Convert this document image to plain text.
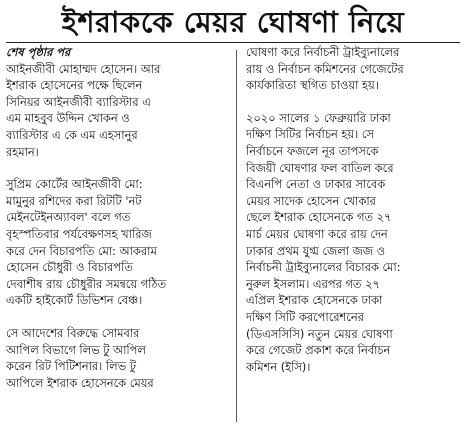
ইশরাককে মেয়র ঘোষণা নিয়ে
শেষ পৃষ্ঠার পর

আইনজীবী মোহাম্মদ হোসেন। আর
ইশরাক হোসেনের পক্ষে ছিলেন
সিনিয়র আইনজীবী ব্যারিস্টার এ
এম মাহবুব উদ্দিন খোকন ও
ব্যারিস্টার এ কে এম এহসানুর
রহমান।

সুপ্রিম কোর্টের আইনজীবী মো:
মামুনুর রশিদের করা রিটটি 'নট
মেইনটেইনঅ্যাবল' বলে গত
বৃহস্পতিবার পর্যবেক্ষণসহ খারিজ
করে দেন বিচারপতি মো: আকরাম
হোসেন চৌধুরী ও বিচারপতি
দেবাশীষ রায় চৌধুরীর সমন্বয়ে গঠিত
একটি হাইকোর্ট ডিভিশন বেঞ্চ।

সে আদেশের বিরুদ্ধে সোমবার
আপিল বিভাগে লিভ টু আপিল
করেন রিট পিটিশনার। লিভ টু
আপিলে ইশরাক হোসেনকে মেয়র

ঘোষণা করে নির্বাচনী ট্রাইব্যুনালের
রায় ও নির্বাচন কমিশনের গেজেটের
কার্যকারিতা স্থগিত চাওয়া হয়।

২০২০ সালের ১ ফেব্রুয়ারি ঢাকা
দক্ষিণ সিটির নির্বাচন হয়। সে
নির্বাচনে ফজলে নূর তাপসকে
বিজয়ী ঘোষণার ফল বাতিল করে
বিএনপি নেতা ও ঢাকার সাবেক
মেয়র সাদেক হোসেন খোকার
ছেলে ইশরাক হোসেনকে গত ২৭
মার্চ মেয়র ঘোষণা করে রায় দেন
ঢাকার প্রথম যুগ্ম জেলা জজ ও
নির্বাচনী ট্রাইব্যুনালের বিচারক মো:
নুরুল ইসলাম। এরপর গত ২৭
এপ্রিল ইশরাক হোসেনকে ঢাকা
দক্ষিণ সিটি করপোরেশনের
(ডিএসসিসি) নতুন মেয়র ঘোষণা
করে গেজেট প্রকাশ করে নির্বাচন
কমিশন (ইসি)।
